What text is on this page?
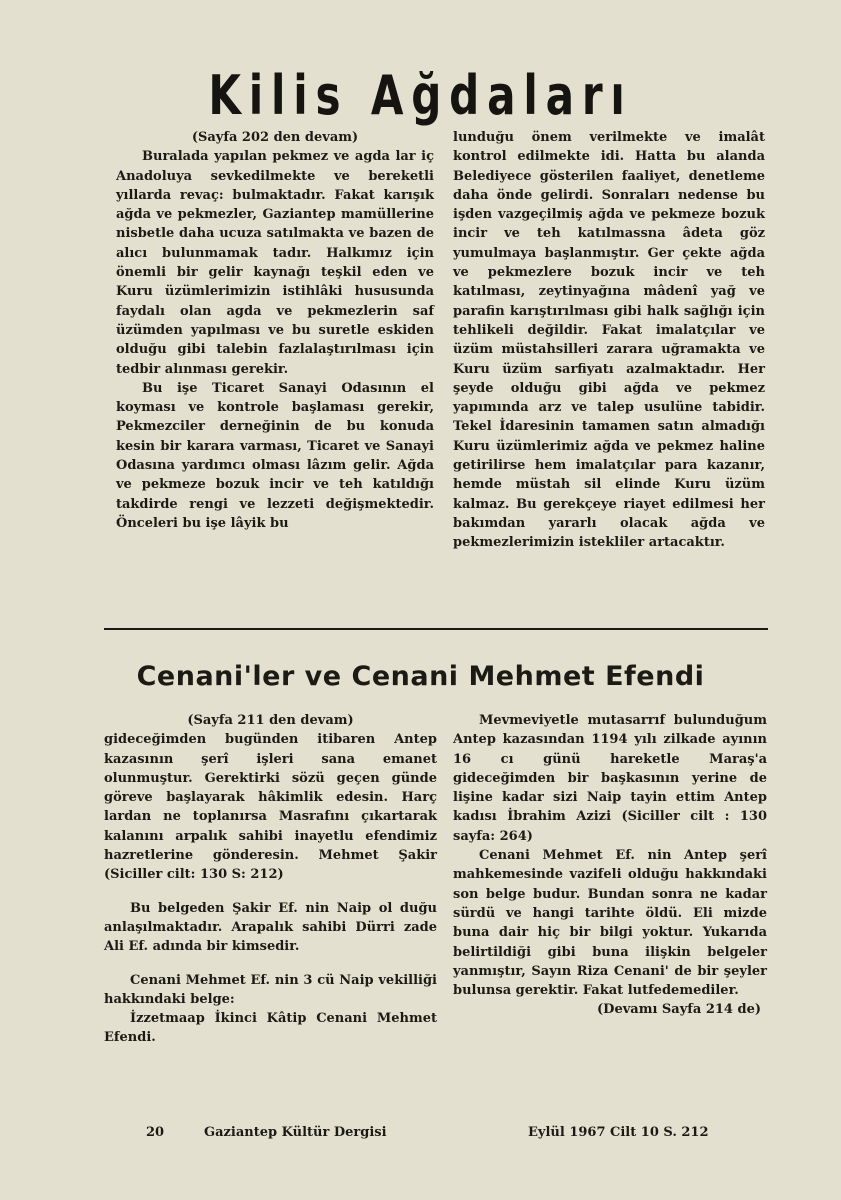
Kilis Ağdaları

(Sayfa 202 den devam)

Buralada yapılan pekmez ve agda lar iç Anadoluya sevkedilmekte ve bereketli yıllarda revaç: bulmaktadır. Fakat karışık ağda ve pekmezler, Gaziantep mamüllerine nisbetle daha ucuza satılmakta ve bazen de alıcı bulunmamak tadır. Halkımız için önemli bir gelir kaynağı teşkil eden ve Kuru üzümlerimizin istihlâki hususunda faydalı olan agda ve pekmezlerin saf üzümden yapılması ve bu suretle eskiden olduğu gibi talebin fazlalaştırılması için tedbir alınması gerekir.

Bu işe Ticaret Sanayi Odasının el koyması ve kontrole başlaması gerekir, Pekmezciler derneğinin de bu konuda kesin bir karara varması, Ticaret ve Sanayi Odasına yardımcı olması lâzım gelir. Ağda ve pekmeze bozuk incir ve teh katıldığı takdirde rengi ve lezzeti değişmektedir. Önceleri bu işe lâyik bu

lunduğu önem verilmekte ve imalât kontrol edilmekte idi. Hatta bu alanda Belediyece gösterilen faaliyet, denetleme daha önde gelirdi. Sonraları nedense bu işden vazgeçilmiş ağda ve pekmeze bozuk incir ve teh katılmassna âdeta göz yumulmaya başlanmıştır. Ger çekte ağda ve pekmezlere bozuk incir ve teh katılması, zeytinyağına mâdenî yağ ve parafin karıştırılması gibi halk sağlığı için tehlikeli değildir. Fakat imalatçılar ve üzüm müstahsilleri zarara uğramakta ve Kuru üzüm sarfiyatı azalmaktadır. Her şeyde olduğu gibi ağda ve pekmez yapımında arz ve talep usulüne tabidir. Tekel İdaresinin tamamen satın almadığı Kuru üzümlerimiz ağda ve pekmez haline getirilirse hem imalatçılar para kazanır, hemde müstah sil elinde Kuru üzüm kalmaz. Bu gerekçeye riayet edilmesi her bakımdan yararlı olacak ağda ve pekmezlerimizin istekliler artacaktır.

Cenani'ler ve Cenani Mehmet Efendi

(Sayfa 211 den devam)

gideceğimden bugünden itibaren Antep kazasının şerî işleri sana emanet olunmuştur. Gerektirki sözü geçen günde göreve başlayarak hâkimlik edesin. Harç lardan ne toplanırsa Masrafını çıkartarak kalanını arpalık sahibi inayetlu efendimiz hazretlerine gönderesin. Mehmet Şakir (Siciller cilt: 130 S: 212)

Bu belgeden Şakir Ef. nin Naip ol duğu anlaşılmaktadır. Arapalık sahibi Dürri zade Ali Ef. adında bir kimsedir.

Cenani Mehmet Ef. nin 3 cü Naip vekilliği hakkındaki belge:

İzzetmaap İkinci Kâtip Cenani Mehmet Efendi.

Mevmeviyetle mutasarrıf bulunduğum Antep kazasından 1194 yılı zilkade ayının 16 cı günü hareketle Maraş'a gideceğimden bir başkasının yerine de lişine kadar sizi Naip tayin ettim Antep kadısı İbrahim Azizi (Siciller cilt : 130 sayfa: 264)

Cenani Mehmet Ef. nin Antep şerî mahkemesinde vazifeli olduğu hakkındaki son belge budur. Bundan sonra ne kadar sürdü ve hangi tarihte öldü. Eli mizde buna dair hiç bir bilgi yoktur. Yukarıda belirtildiği gibi buna ilişkin belgeler yanmıştır, Sayın Riza Cenani' de bir şeyler bulunsa gerektir. Fakat lutfedemediler.

(Devamı Sayfa 214 de)

20	Gaziantep Kültür Dergisi	Eylül 1967 Cilt 10 S. 212
